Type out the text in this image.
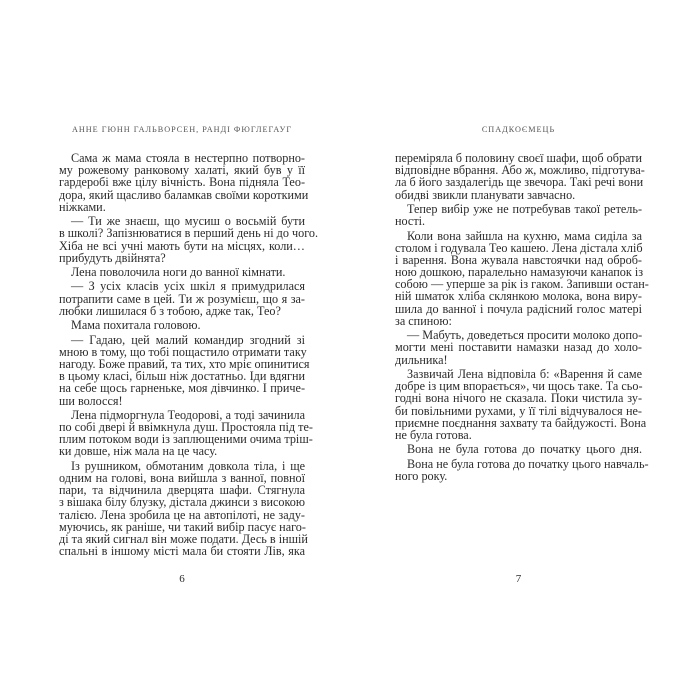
АННЕ ГЮНН ГАЛЬВОРСЕН, РАНДІ ФЮГЛЕГАУГ
Сама ж мама стояла в нестерпно потворно-
му рожевому ранковому халаті, який був у її
гардеробі вже цілу вічність. Вона підняла Тео-
дора, який щасливо баламкав своїми короткими
ніжками.
— Ти же знаєш, що мусиш о восьмій бути
в школі? Запізнюватися в перший день ні до чого.
Хіба не всі учні мають бути на місцях, коли…
прибудуть двійнята?
Лена поволочила ноги до ванної кімнати.
— З усіх класів усіх шкіл я примудрилася
потрапити саме в цей. Ти ж розумієш, що я за-
любки лишилася б з тобою, адже так, Тео?
Мама похитала головою.
— Гадаю, цей малий командир згодний зі
мною в тому, що тобі пощастило отримати таку
нагоду. Боже правий, та тих, хто мріє опинитися
в цьому класі, більш ніж достатньо. Іди вдягни
на себе щось гарненьке, моя дівчинко. І приче-
ши волосся!
Лена підморгнула Теодорові, а тоді зачинила
по собі двері й ввімкнула душ. Простояла під те-
плим потоком води із заплющеними очима тріш-
ки довше, ніж мала на це часу.
Із рушником, обмотаним довкола тіла, і ще
одним на голові, вона вийшла з ванної, повної
пари, та відчинила дверцята шафи. Стягнула
з вішака білу блузку, дістала джинси з високою
талією. Лена зробила це на автопілоті, не заду-
муючись, як раніше, чи такий вибір пасує наго-
ді та який сигнал він може подати. Десь в іншій
спальні в іншому місті мала би стояти Лів, яка
6
СПАДКОЄМЕЦЬ
переміряла б половину своєї шафи, щоб обрати
відповідне вбрання. Або ж, можливо, підготува-
ла б його заздалегідь ще звечора. Такі речі вони
обидві звикли планувати завчасно.
Тепер вибір уже не потребував такої ретель-
ності.
Коли вона зайшла на кухню, мама сиділа за
столом і годувала Тео кашею. Лена дістала хліб
і варення. Вона жувала навстоячки над оброб-
ною дошкою, паралельно намазуючи канапок із
собою — уперше за рік із гаком. Запивши остан-
ній шматок хліба склянкою молока, вона виру-
шила до ванної і почула радісний голос матері
за спиною:
— Мабуть, доведеться просити молоко допо-
могти мені поставити намазки назад до холо-
дильника!
Зазвичай Лена відповіла б: «Варення й саме
добре із цим впорається», чи щось таке. Та сьо-
годні вона нічого не сказала. Поки чистила зу-
би повільними рухами, у її тілі відчувалося не-
приємне поєднання захвату та байдужості. Вона
не була готова.
Вона не була готова до початку цього дня.
Вона не була готова до початку цього навчаль-
ного року.
7
